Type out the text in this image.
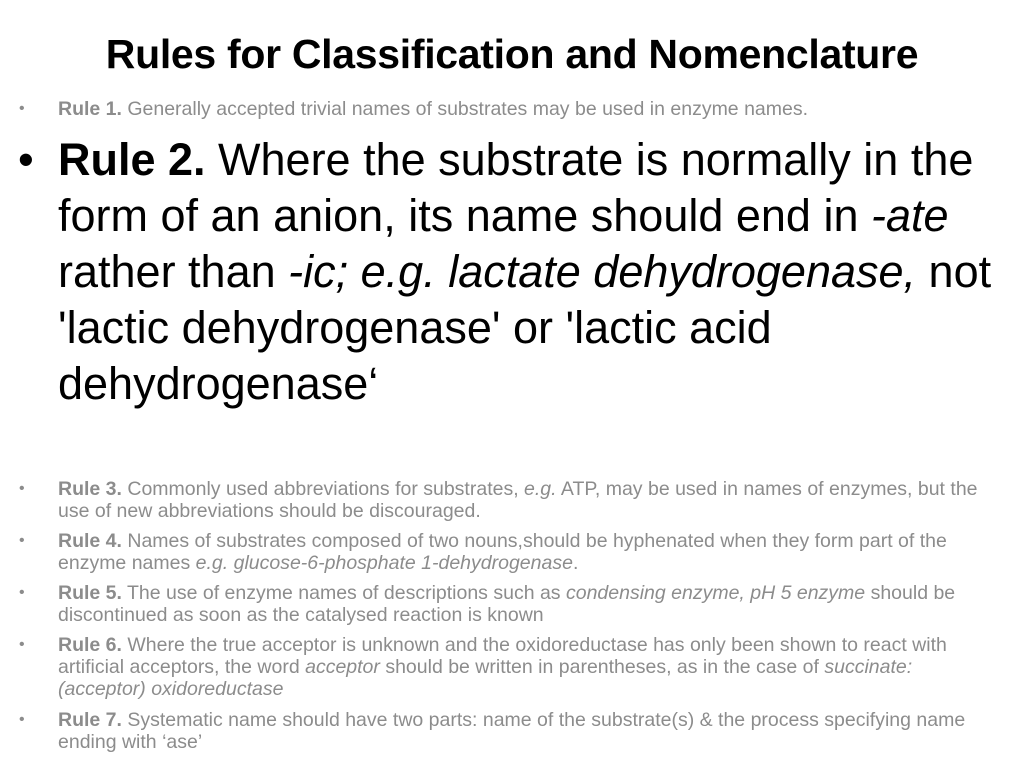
Rules for Classification and Nomenclature

• Rule 1. Generally accepted trivial names of substrates may be used in enzyme names.

• Rule 2. Where the substrate is normally in the form of an anion, its name should end in -ate rather than -ic; e.g. lactate dehydrogenase, not 'lactic dehydrogenase' or 'lactic acid dehydrogenase‘

• Rule 3. Commonly used abbreviations for substrates, e.g. ATP, may be used in names of enzymes, but the use of new abbreviations should be discouraged.

• Rule 4. Names of substrates composed of two nouns,should be hyphenated when they form part of the enzyme names e.g. glucose-6-phosphate 1-dehydrogenase.

• Rule 5. The use of enzyme names of descriptions such as condensing enzyme, pH 5 enzyme should be discontinued as soon as the catalysed reaction is known

• Rule 6. Where the true acceptor is unknown and the oxidoreductase has only been shown to react with artificial acceptors, the word acceptor should be written in parentheses, as in the case of succinate:(acceptor) oxidoreductase

• Rule 7. Systematic name should have two parts: name of the substrate(s) & the process specifying name ending with ‘ase’
